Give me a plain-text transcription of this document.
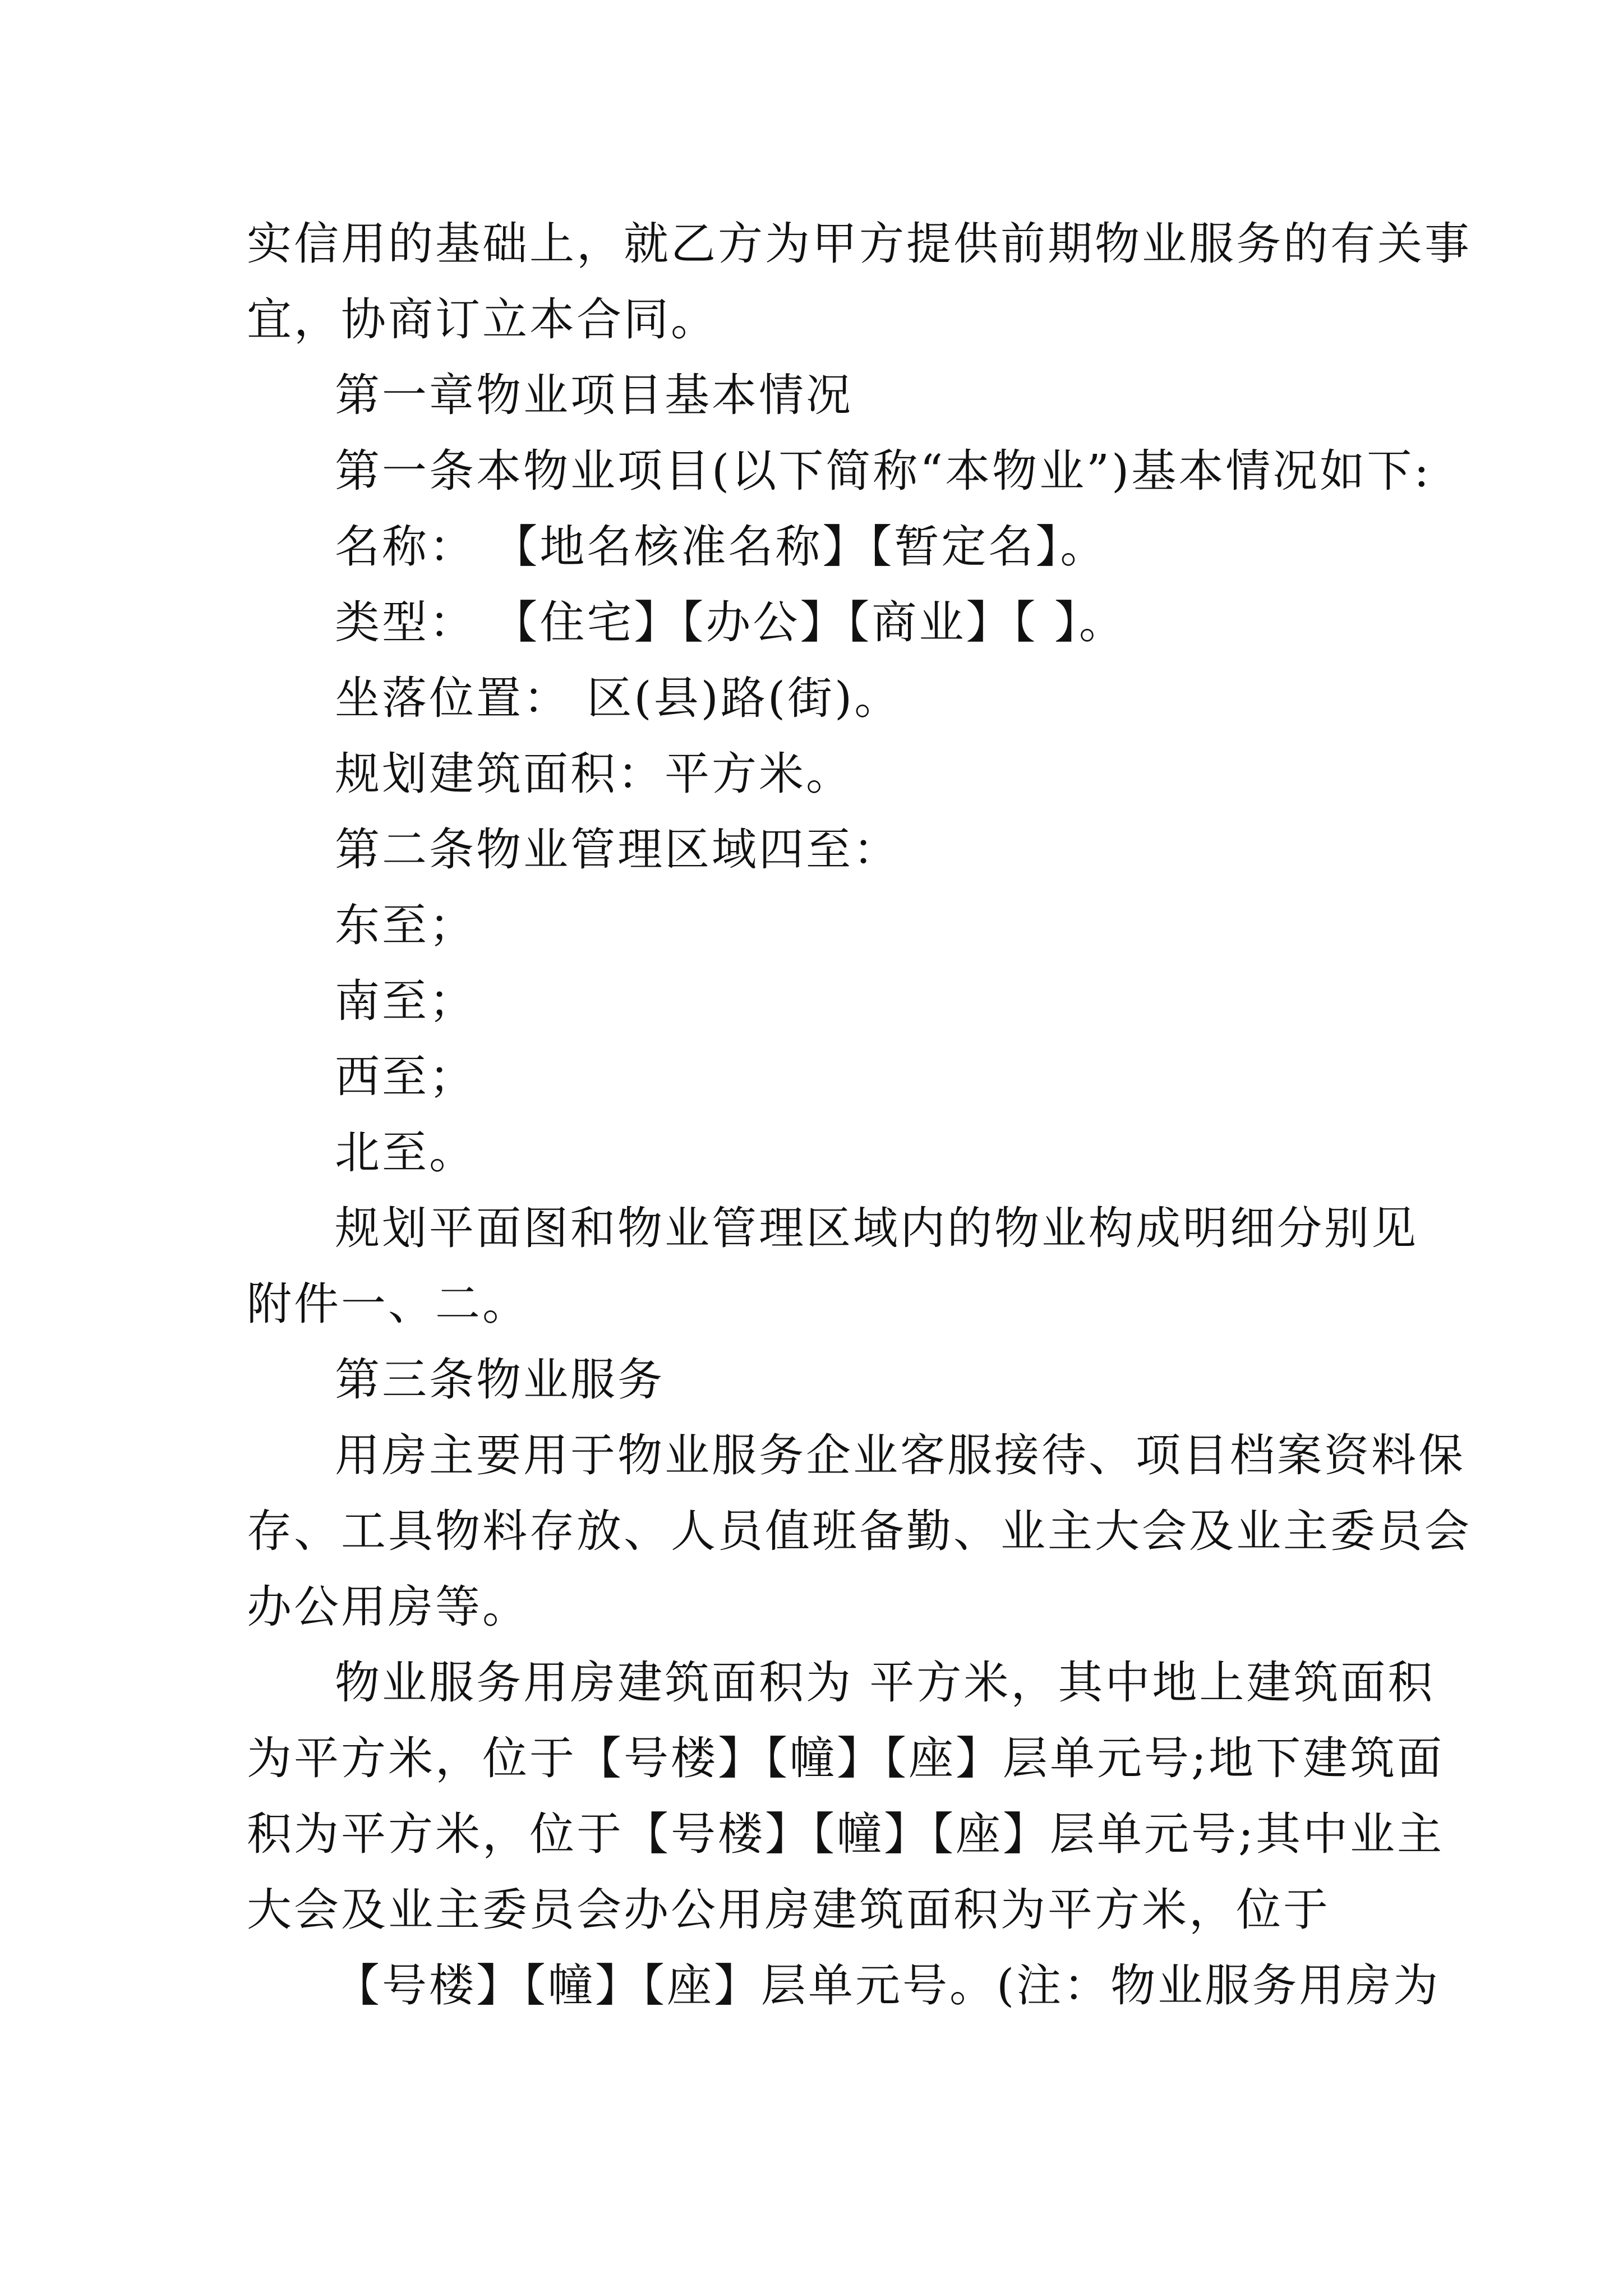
实信用的基础上，就乙方为甲方提供前期物业服务的有关事
宜，协商订立本合同。
第一章物业项目基本情况
第一条本物业项目(以下简称“本物业”)基本情况如下:
名称： 【地名核准名称】【暂定名】。
类型： 【住宅】【办公】【商业】【 】。
坐落位置： 区(县)路(街)。
规划建筑面积：平方米。
第二条物业管理区域四至：
东至；
南至；
西至；
北至。
规划平面图和物业管理区域内的物业构成明细分别见
附件一、二。
第三条物业服务
用房主要用于物业服务企业客服接待、项目档案资料保
存、工具物料存放、人员值班备勤、业主大会及业主委员会
办公用房等。
物业服务用房建筑面积为 平方米，其中地上建筑面积
为平方米，位于【号楼】【幢】【座】层单元号;地下建筑面
积为平方米，位于【号楼】【幢】【座】层单元号;其中业主
大会及业主委员会办公用房建筑面积为平方米，位于
【号楼】【幢】【座】层单元号。(注：物业服务用房为
